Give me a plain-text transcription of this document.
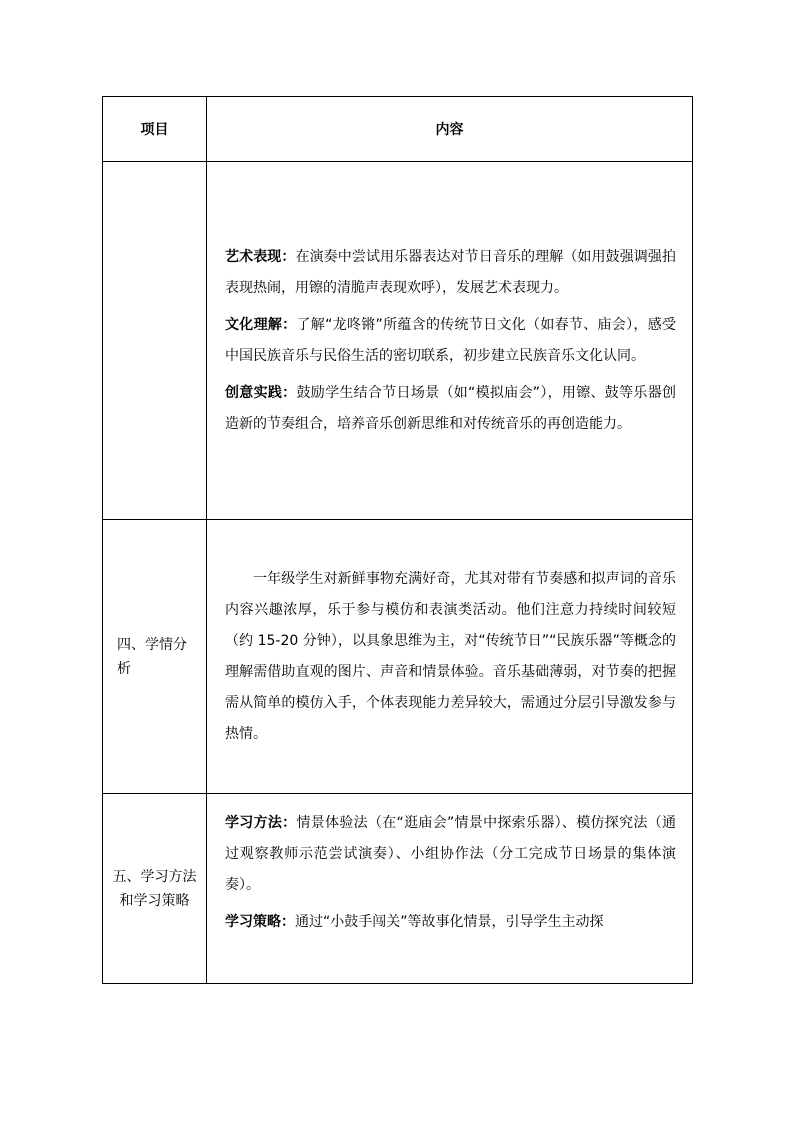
项目	内容

	艺术表现：在演奏中尝试用乐器表达对节日音乐的理解（如用鼓强调强拍表现热闹，用镲的清脆声表现欢呼），发展艺术表现力。

文化理解：了解“龙咚锵”所蕴含的传统节日文化（如春节、庙会），感受中国民族音乐与民俗生活的密切联系，初步建立民族音乐文化认同。

创意实践：鼓励学生结合节日场景（如“模拟庙会”），用镲、鼓等乐器创造新的节奏组合，培养音乐创新思维和对传统音乐的再创造能力。

四、学情分析	一年级学生对新鲜事物充满好奇，尤其对带有节奏感和拟声词的音乐内容兴趣浓厚，乐于参与模仿和表演类活动。他们注意力持续时间较短（约 15-20 分钟），以具象思维为主，对“传统节日”“民族乐器”等概念的理解需借助直观的图片、声音和情景体验。音乐基础薄弱，对节奏的把握需从简单的模仿入手，个体表现能力差异较大，需通过分层引导激发参与热情。

五、学习方法和学习策略	学习方法：情景体验法（在“逛庙会”情景中探索乐器）、模仿探究法（通过观察教师示范尝试演奏）、小组协作法（分工完成节日场景的集体演奏）。

学习策略：通过“小鼓手闯关”等故事化情景，引导学生主动探
